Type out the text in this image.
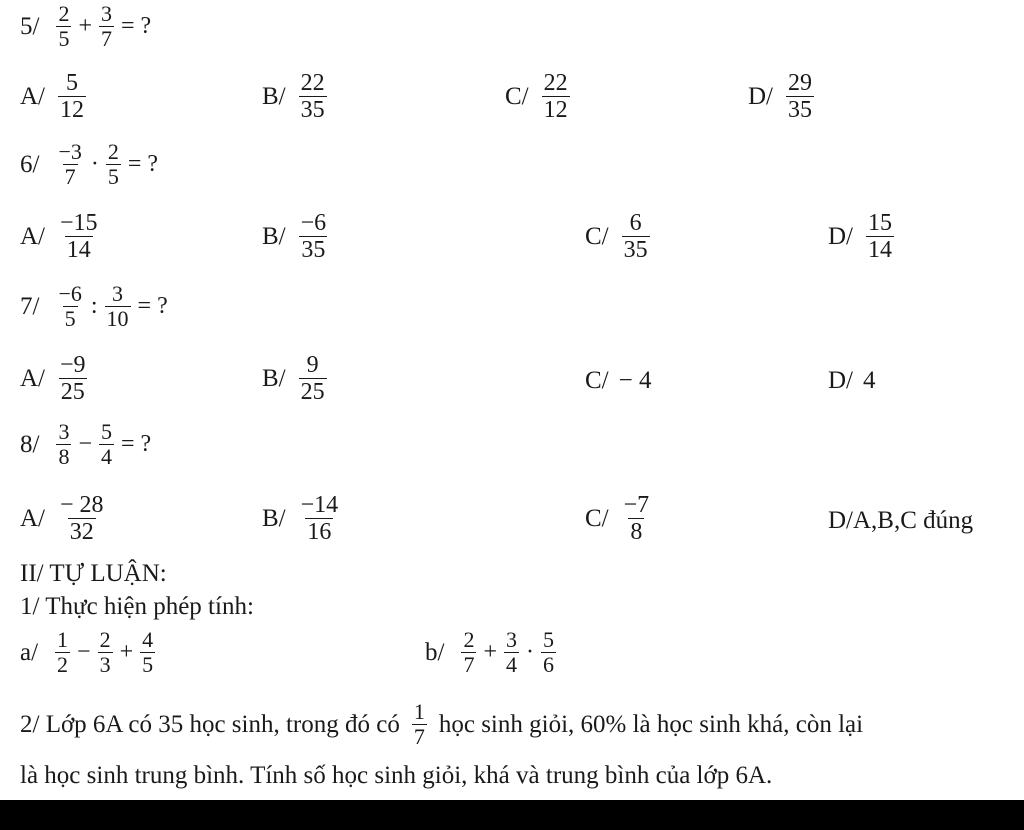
$5/ \frac{2}{5} + \frac{3}{7}$ = ?
$A/ \frac{5}{12}$	$B/ \frac{22}{35}$	$C/ \frac{22}{12}$	$D/ \frac{29}{35}$
$6/ \frac{-3}{7} \cdot \frac{2}{5}$ = ?
$A/ \frac{-15}{14}$	$B/ \frac{-6}{35}$	$C/ \frac{6}{35}$	$D/ \frac{15}{14}$
$7/ \frac{-6}{5}$ : $\frac{3}{10}$ = ?
$A/ \frac{-9}{25}$	$B/ \frac{9}{25}$	C/ − 4	D/ 4
$8/ \frac{3}{8} - \frac{5}{4}$ = ?
$A/ \frac{- 28}{32}$	$B/ \frac{-14}{16}$	$C/ \frac{-7}{8}$	D/A,B,C đúng
II/ TỰ LUẬN:
1/ Thực hiện phép tính:
$a/ \frac{1}{2} - \frac{2}{3} + \frac{4}{5}$	$b/ \frac{2}{7} + \frac{3}{4} \cdot \frac{5}{6}$
2/ Lớp 6A có 35 học sinh, trong đó có $\frac{1}{7}$ học sinh giỏi, 60% là học sinh khá, còn lại
là học sinh trung bình. Tính số học sinh giỏi, khá và trung bình của lớp 6A.
